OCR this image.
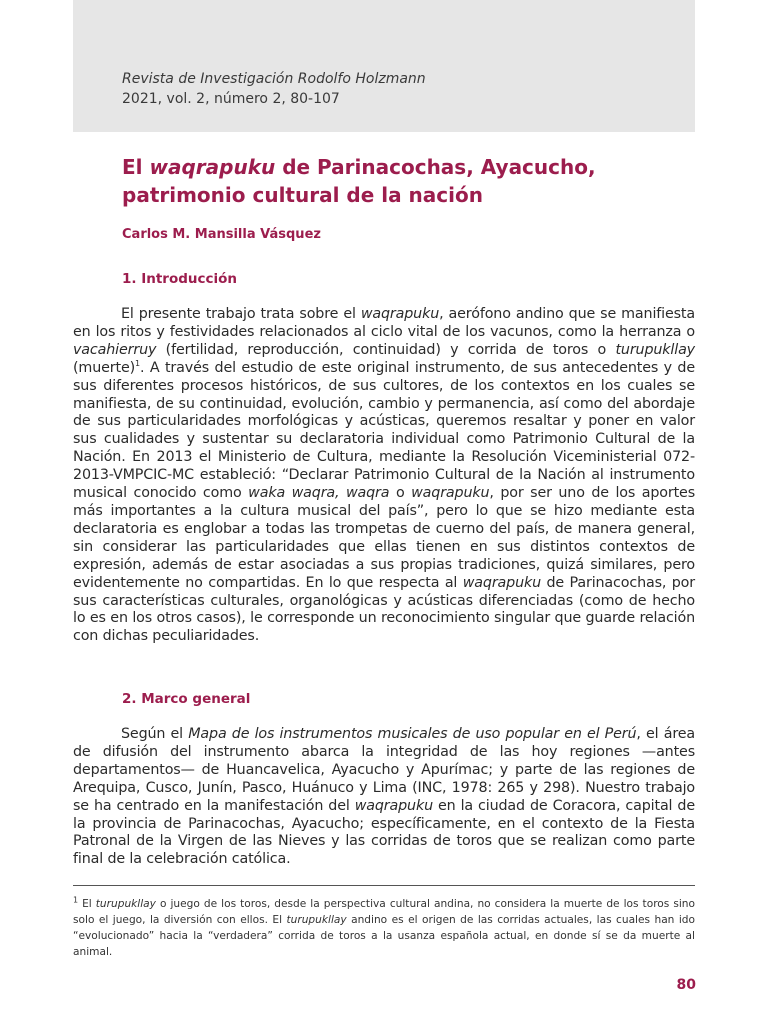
Revista de Investigación Rodolfo Holzmann
2021, vol. 2, número 2, 80-107
El waqrapuku de Parinacochas, Ayacucho, patrimonio cultural de la nación
Carlos M. Mansilla Vásquez
1. Introducción

El presente trabajo trata sobre el waqrapuku, aerófono andino que se manifiesta en los ritos y festividades relacionados al ciclo vital de los vacunos, como la herranza o vacahierruy (fertilidad, reproducción, continuidad) y corrida de toros o turupukllay (muerte)$^1$. A través del estudio de este original instrumento, de sus antecedentes y de sus diferentes procesos históricos, de sus cultores, de los contextos en los cuales se manifiesta, de su continuidad, evolución, cambio y permanencia, así como del abordaje de sus particularidades morfológicas y acústicas, queremos resaltar y poner en valor sus cualidades y sustentar su declaratoria individual como Patrimonio Cultural de la Nación. En 2013 el Ministerio de Cultura, mediante la Resolución Viceministerial 072-2013-VMPCIC-MC estableció: “Declarar Patrimonio Cultural de la Nación al instrumento musical conocido como waka waqra, waqra o waqrapuku, por ser uno de los aportes más importantes a la cultura musical del país”, pero lo que se hizo mediante esta declaratoria es englobar a todas las trompetas de cuerno del país, de manera general, sin considerar las particularidades que ellas tienen en sus distintos contextos de expresión, además de estar asociadas a sus propias tradiciones, quizá similares, pero evidentemente no compartidas. En lo que respecta al waqrapuku de Parinacochas, por sus características culturales, organológicas y acústicas diferenciadas (como de hecho lo es en los otros casos), le corresponde un reconocimiento singular que guarde relación con dichas peculiaridades.

2. Marco general

Según el Mapa de los instrumentos musicales de uso popular en el Perú, el área de difusión del instrumento abarca la integridad de las hoy regiones —antes departamentos— de Huancavelica, Ayacucho y Apurímac; y parte de las regiones de Arequipa, Cusco, Junín, Pasco, Huánuco y Lima (INC, 1978: 265 y 298). Nuestro trabajo se ha centrado en la manifestación del waqrapuku en la ciudad de Coracora, capital de la provincia de Parinacochas, Ayacucho; específicamente, en el contexto de la Fiesta Patronal de la Virgen de las Nieves y las corridas de toros que se realizan como parte final de la celebración católica.

$^1$ El turupukllay o juego de los toros, desde la perspectiva cultural andina, no considera la muerte de los toros sino solo el juego, la diversión con ellos. El turupukllay andino es el origen de las corridas actuales, las cuales han ido “evolucionado” hacia la “verdadera” corrida de toros a la usanza española actual, en donde sí se da muerte al animal.

80
